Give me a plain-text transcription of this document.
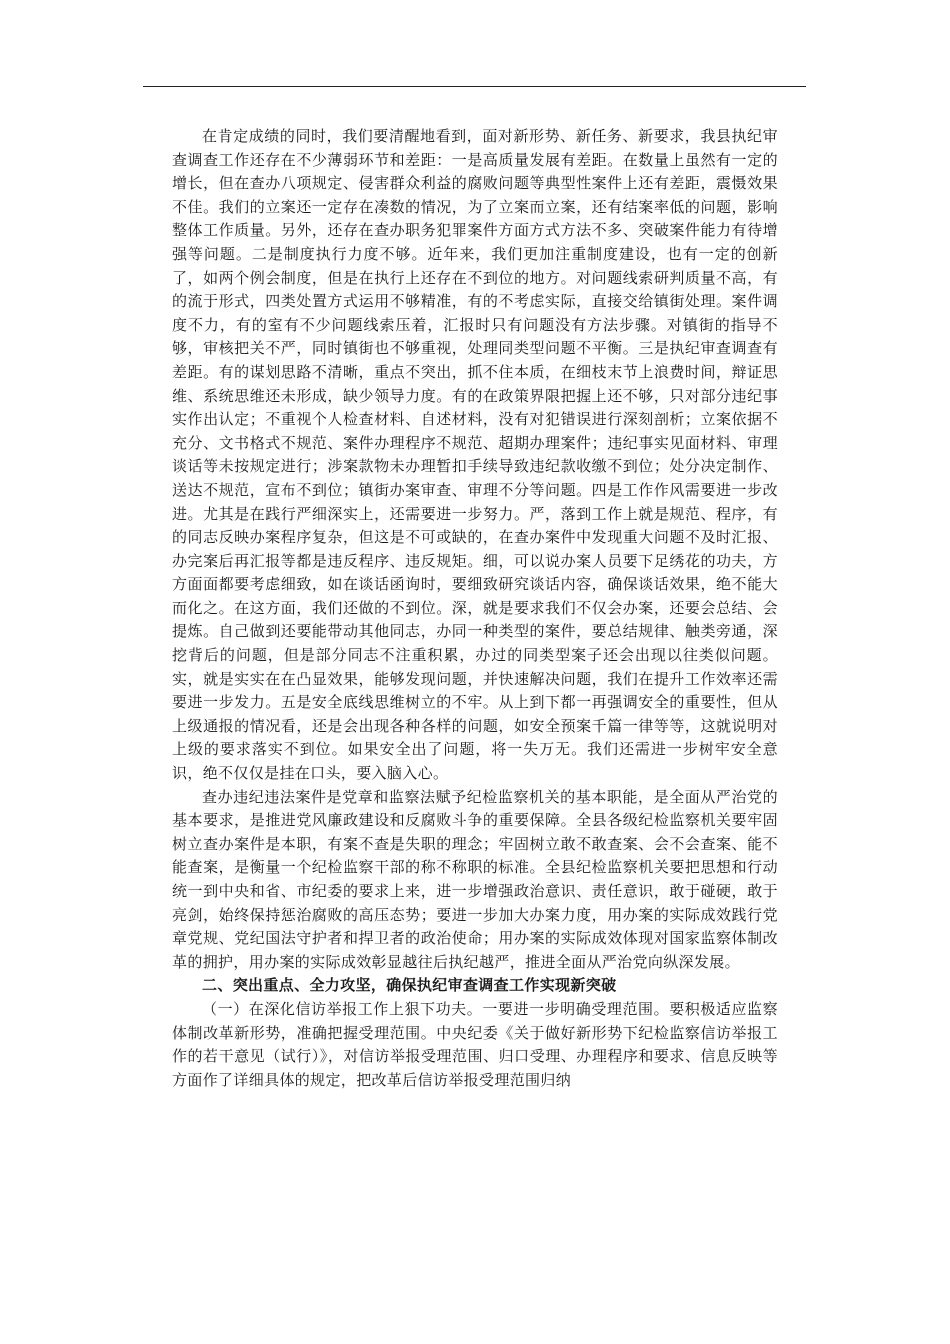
在肯定成绩的同时，我们要清醒地看到，面对新形势、新任务、新要求，我县执纪审查调查工作还存在不少薄弱环节和差距：一是高质量发展有差距。在数量上虽然有一定的增长，但在查办八项规定、侵害群众利益的腐败问题等典型性案件上还有差距，震慑效果不佳。我们的立案还一定存在凑数的情况，为了立案而立案，还有结案率低的问题，影响整体工作质量。另外，还存在查办职务犯罪案件方面方式方法不多、突破案件能力有待增强等问题。二是制度执行力度不够。近年来，我们更加注重制度建设，也有一定的创新了，如两个例会制度，但是在执行上还存在不到位的地方。对问题线索研判质量不高，有的流于形式，四类处置方式运用不够精准，有的不考虑实际，直接交给镇街处理。案件调度不力，有的室有不少问题线索压着，汇报时只有问题没有方法步骤。对镇街的指导不够，审核把关不严，同时镇街也不够重视，处理同类型问题不平衡。三是执纪审查调查有差距。有的谋划思路不清晰，重点不突出，抓不住本质，在细枝末节上浪费时间，辩证思维、系统思维还未形成，缺少领导力度。有的在政策界限把握上还不够，只对部分违纪事实作出认定；不重视个人检查材料、自述材料，没有对犯错误进行深刻剖析；立案依据不充分、文书格式不规范、案件办理程序不规范、超期办理案件；违纪事实见面材料、审理谈话等未按规定进行；涉案款物未办理暂扣手续导致违纪款收缴不到位；处分决定制作、送达不规范，宣布不到位；镇街办案审查、审理不分等问题。四是工作作风需要进一步改进。尤其是在践行严细深实上，还需要进一步努力。严，落到工作上就是规范、程序，有的同志反映办案程序复杂，但这是不可或缺的，在查办案件中发现重大问题不及时汇报、办完案后再汇报等都是违反程序、违反规矩。细，可以说办案人员要下足绣花的功夫，方方面面都要考虑细致，如在谈话函询时，要细致研究谈话内容，确保谈话效果，绝不能大而化之。在这方面，我们还做的不到位。深，就是要求我们不仅会办案，还要会总结、会提炼。自己做到还要能带动其他同志，办同一种类型的案件，要总结规律、触类旁通，深挖背后的问题，但是部分同志不注重积累，办过的同类型案子还会出现以往类似问题。实，就是实实在在凸显效果，能够发现问题，并快速解决问题，我们在提升工作效率还需要进一步发力。五是安全底线思维树立的不牢。从上到下都一再强调安全的重要性，但从上级通报的情况看，还是会出现各种各样的问题，如安全预案千篇一律等等，这就说明对上级的要求落实不到位。如果安全出了问题，将一失万无。我们还需进一步树牢安全意识，绝不仅仅是挂在口头，要入脑入心。

查办违纪违法案件是党章和监察法赋予纪检监察机关的基本职能，是全面从严治党的基本要求，是推进党风廉政建设和反腐败斗争的重要保障。全县各级纪检监察机关要牢固树立查办案件是本职，有案不查是失职的理念；牢固树立敢不敢查案、会不会查案、能不能查案，是衡量一个纪检监察干部的称不称职的标准。全县纪检监察机关要把思想和行动统一到中央和省、市纪委的要求上来，进一步增强政治意识、责任意识，敢于碰硬，敢于亮剑，始终保持惩治腐败的高压态势；要进一步加大办案力度，用办案的实际成效践行党章党规、党纪国法守护者和捍卫者的政治使命；用办案的实际成效体现对国家监察体制改革的拥护，用办案的实际成效彰显越往后执纪越严，推进全面从严治党向纵深发展。

二、突出重点、全力攻坚，确保执纪审查调查工作实现新突破

（一）在深化信访举报工作上狠下功夫。一要进一步明确受理范围。要积极适应监察体制改革新形势，准确把握受理范围。中央纪委《关于做好新形势下纪检监察信访举报工作的若干意见（试行）》，对信访举报受理范围、归口受理、办理程序和要求、信息反映等方面作了详细具体的规定，把改革后信访举报受理范围归纳
